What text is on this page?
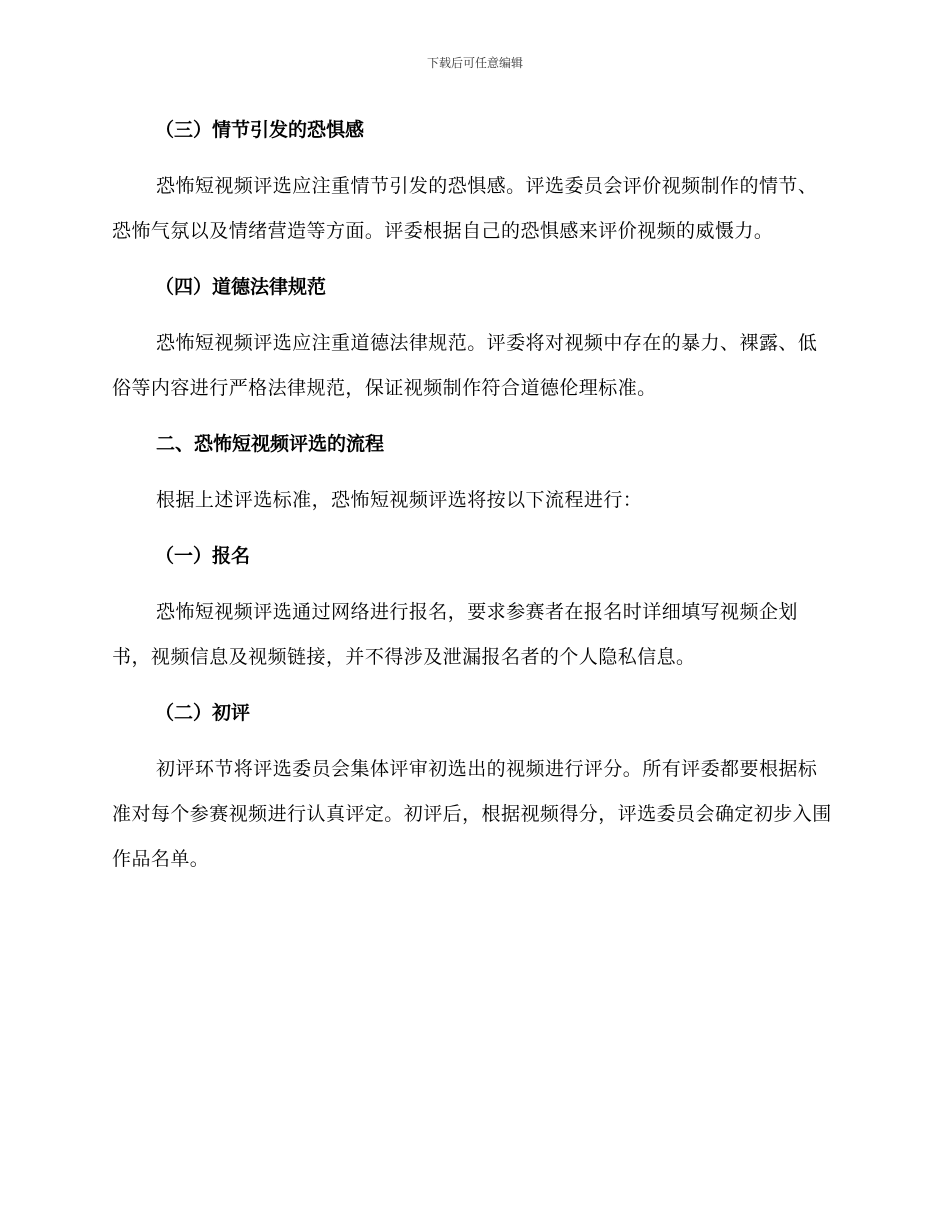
下载后可任意编辑
（三）情节引发的恐惧感

恐怖短视频评选应注重情节引发的恐惧感。评选委员会评价视频制作的情节、恐怖气氛以及情绪营造等方面。评委根据自己的恐惧感来评价视频的威慑力。

（四）道德法律规范

恐怖短视频评选应注重道德法律规范。评委将对视频中存在的暴力、裸露、低俗等内容进行严格法律规范，保证视频制作符合道德伦理标准。

二、恐怖短视频评选的流程

根据上述评选标准，恐怖短视频评选将按以下流程进行：

（一）报名

恐怖短视频评选通过网络进行报名，要求参赛者在报名时详细填写视频企划书，视频信息及视频链接，并不得涉及泄漏报名者的个人隐私信息。

（二）初评

初评环节将评选委员会集体评审初选出的视频进行评分。所有评委都要根据标准对每个参赛视频进行认真评定。初评后，根据视频得分，评选委员会确定初步入围作品名单。
